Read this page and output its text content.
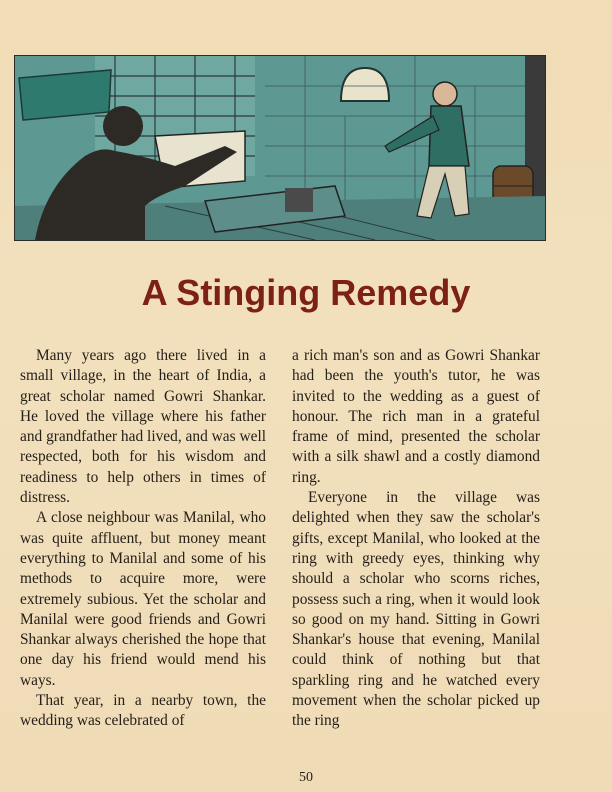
A Stinging Remedy

Many years ago there lived in a small village, in the heart of India, a great scholar named Gowri Shankar. He loved the village where his father and grandfather had lived, and was well respected, both for his wisdom and readiness to help others in times of distress.

A close neighbour was Manilal, who was quite affluent, but money meant everything to Manilal and some of his methods to acquire more, were extremely subious. Yet the scholar and Manilal were good friends and Gowri Shankar always cherished the hope that one day his friend would mend his ways.

That year, in a nearby town, the wedding was celebrated of

a rich man's son and as Gowri Shankar had been the youth's tutor, he was invited to the wedding as a guest of honour. The rich man in a grateful frame of mind, presented the scholar with a silk shawl and a costly diamond ring.

Everyone in the village was delighted when they saw the scholar's gifts, except Manilal, who looked at the ring with greedy eyes, thinking why should a scholar who scorns riches, possess such a ring, when it would look so good on my hand. Sitting in Gowri Shankar's house that evening, Manilal could think of nothing but that sparkling ring and he watched every movement when the scholar picked up the ring

50
